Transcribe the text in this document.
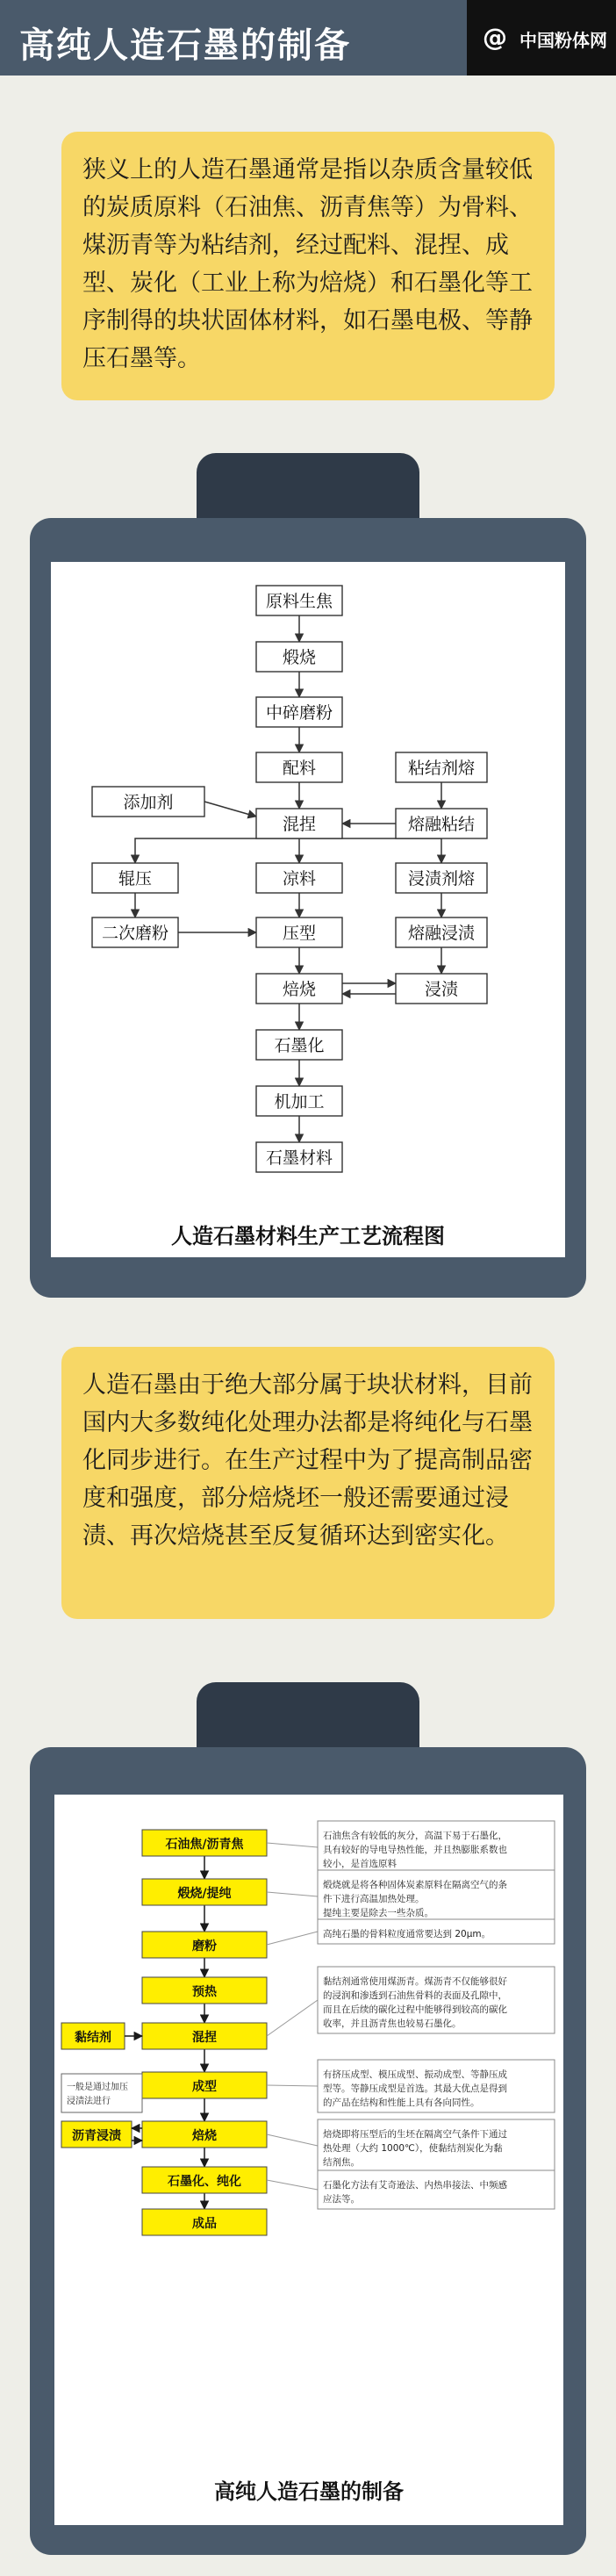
高纯人造石墨的制备	@ 中国粉体网
狭义上的人造石墨通常是指以杂质含量较低的炭质原料（石油焦、沥青焦等）为骨料、煤沥青等为粘结剂，经过配料、混捏、成型、炭化（工业上称为焙烧）和石墨化等工序制得的块状固体材料，如石墨电极、等静压石墨等。
原料生焦
煅烧
中碎磨粉
配料
添加剂
粘结剂熔
熔融粘结
混捏
辊压	凉料	浸渍剂熔
二次磨粉	压型	熔融浸渍
焙烧	浸渍
石墨化
机加工
石墨材料
人造石墨材料生产工艺流程图
人造石墨由于绝大部分属于块状材料，目前国内大多数纯化处理办法都是将纯化与石墨化同步进行。在生产过程中为了提高制品密度和强度，部分焙烧坯一般还需要通过浸渍、再次焙烧甚至反复循环达到密实化。
石油焦/沥青焦
煅烧/提纯
磨粉
预热
混捏
成型
焙烧
石墨化、纯化
成品
黏结剂
沥青浸渍
一般是通过加压
浸渍法进行
石油焦含有较低的灰分，高温下易于石墨化，
具有较好的导电导热性能，并且热膨胀系数也
较小，是首选原料
煅烧就是将各种固体炭素原料在隔离空气的条
件下进行高温加热处理。
提纯主要是除去一些杂质。
高纯石墨的骨料粒度通常要达到 20μm。
黏结剂通常使用煤沥青。煤沥青不仅能够很好
的浸润和渗透到石油焦骨料的表面及孔隙中，
而且在后续的碳化过程中能够得到较高的碳化
收率，并且沥青焦也较易石墨化。
有挤压成型、模压成型、振动成型、等静压成
型等。等静压成型是首选。其最大优点是得到
的产品在结构和性能上具有各向同性。
焙烧即将压型后的生坯在隔离空气条件下通过
热处理（大约 1000℃），使黏结剂炭化为黏
结剂焦。
石墨化方法有艾奇逊法、内热串接法、中频感
应法等。
高纯人造石墨的制备
